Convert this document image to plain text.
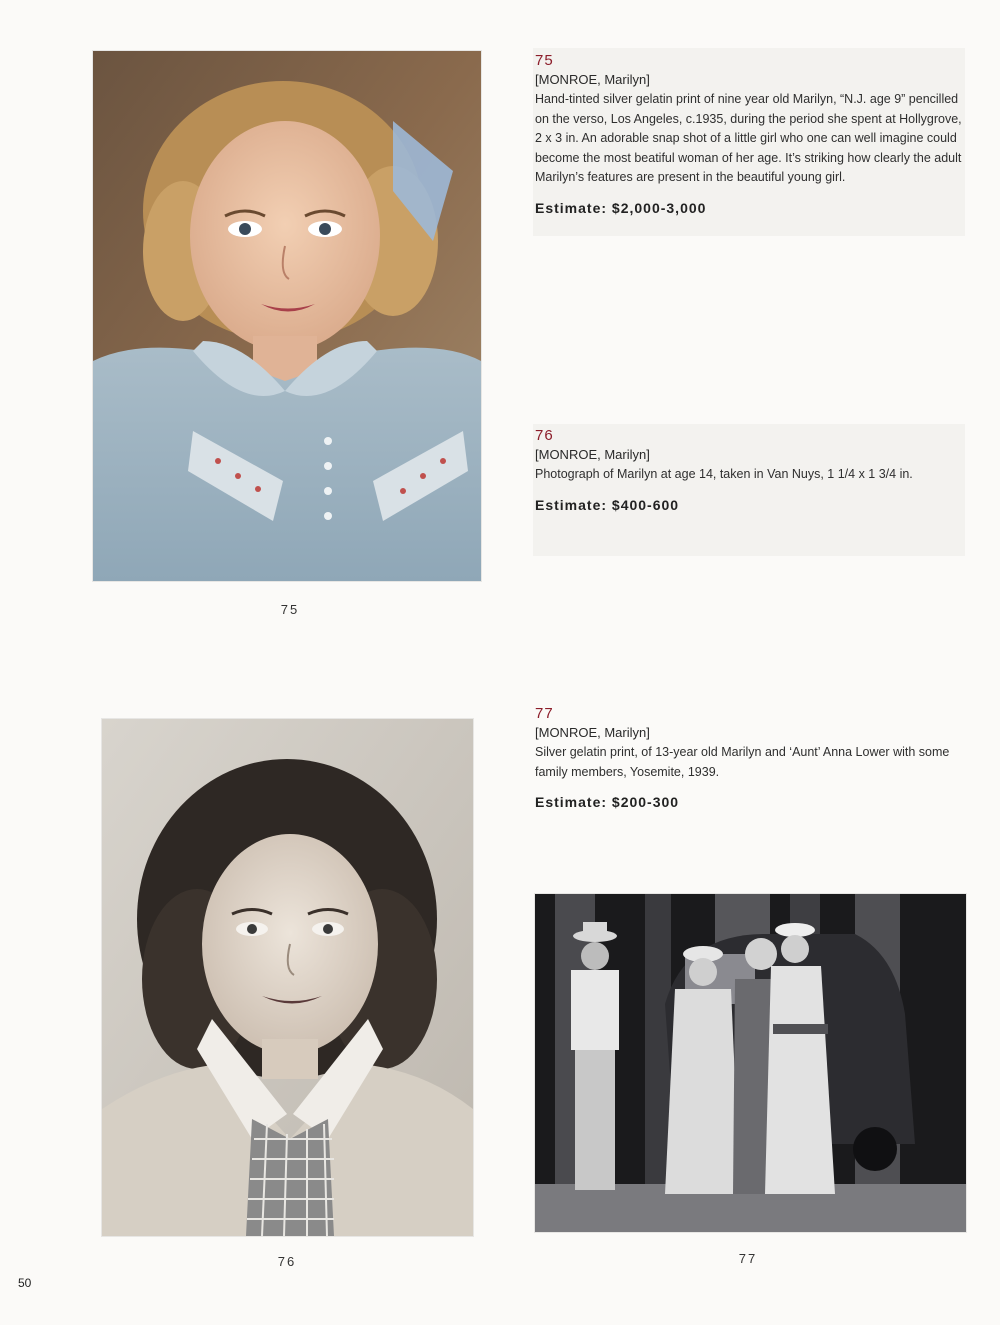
75

75

[MONROE, Marilyn]

Hand-tinted silver gelatin print of nine year old Marilyn, “N.J. age 9” pencilled on the verso, Los Angeles, c.1935, during the period she spent at Hollygrove, 2 x 3 in. An adorable snap shot of a little girl who one can well imagine could become the most beatiful woman of her age. It’s striking how clearly the adult Marilyn’s features are present in the beautiful young girl.

Estimate: $2,000-3,000

76

[MONROE, Marilyn]

Photograph of Marilyn at age 14, taken in Van Nuys, 1 1/4 x 1 3/4 in.

Estimate: $400-600
76

77

[MONROE, Marilyn]

Silver gelatin print, of 13-year old Marilyn and ‘Aunt’ Anna Lower with some family members, Yosemite, 1939.

Estimate: $200-300
77
50
